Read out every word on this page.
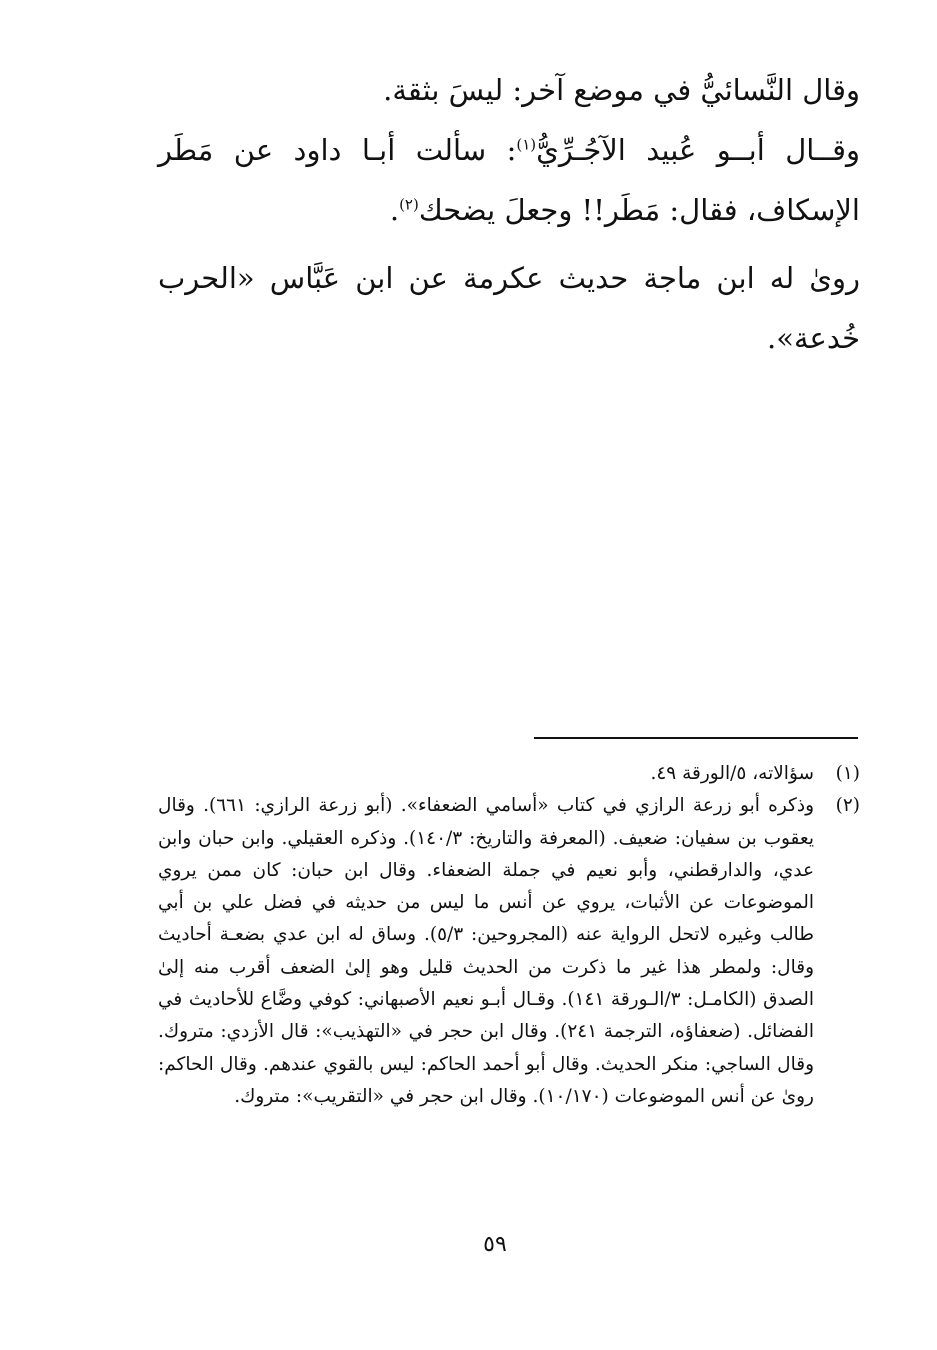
وقال النَّسائيُّ في موضع آخر: ليسَ بثقة.

وقــال أبــو عُبيد الآجُـرِّيُّ$^{(١)}$: سألت أبـا داود عن مَطَر الإسكاف، فقال: مَطَر!! وجعلَ يضحك$^{(٢)}$.

روىٰ له ابن ماجة حديث عكرمة عن ابن عَبَّاس «الحرب خُدعة».

(١)
سؤالاته، ٥/الورقة ٤٩.
(٢)
وذكره أبو زرعة الرازي في كتاب «أسامي الضعفاء». (أبو زرعة الرازي: ٦٦١). وقال يعقوب بن سفيان: ضعيف. (المعرفة والتاريخ: ١٤٠/٣). وذكره العقيلي. وابن حبان وابن عدي، والدارقطني، وأبو نعيم في جملة الضعفاء. وقال ابن حبان: كان ممن يروي الموضوعات عن الأثبات، يروي عن أنس ما ليس من حديثه في فضل علي بن أبي طالب وغيره لاتحل الرواية عنه (المجروحين: ٥/٣). وساق له ابن عدي بضعـة أحاديث وقال: ولمطر هذا غير ما ذكرت من الحديث قليل وهو إلىٰ الضعف أقرب منه إلىٰ الصدق (الكامـل: ٣/الـورقة ١٤١). وقـال أبـو نعيم الأصبهاني: كوفي وضَّاع للأحاديث في الفضائل. (ضعفاؤه، الترجمة ٢٤١). وقال ابن حجر في «التهذيب»: قال الأزدي: متروك. وقال الساجي: منكر الحديث. وقال أبو أحمد الحاكم: ليس بالقوي عندهم. وقال الحاكم: روىٰ عن أنس الموضوعات (١٠/١٧٠). وقال ابن حجر في «التقريب»: متروك.
٥٩
